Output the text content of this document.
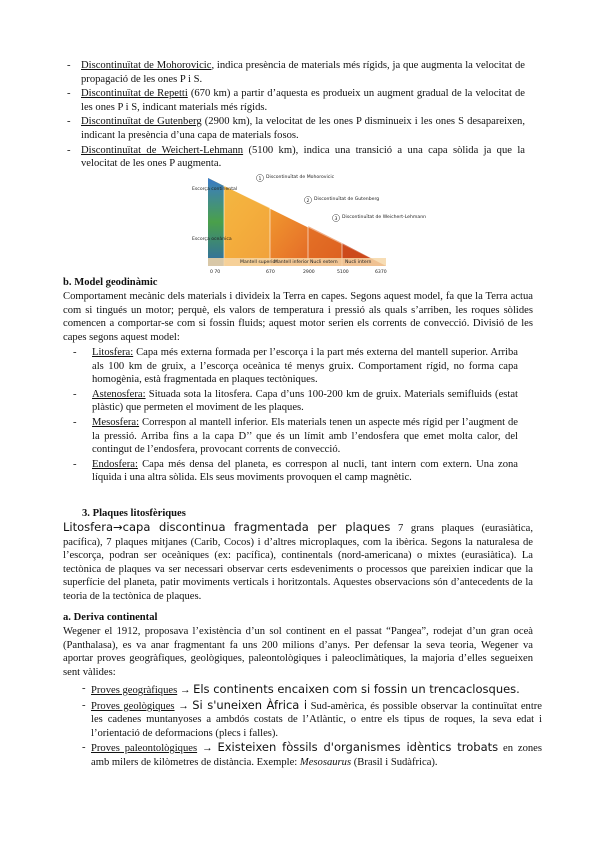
- Discontinuïtat de Mohorovicic, indica presència de materials més rígids, ja que augmenta la velocitat de propagació de les ones P i S.
- Discontinuïtat de Repetti (670 km) a partir d’aquesta es produeix un augment gradual de la velocitat de les ones P i S, indicant materials més rígids.
- Discontinuïtat de Gutenberg (2900 km), la velocitat de les ones P disminueix i les ones S desapareixen, indicant la presència d’una capa de materials fosos.
- Discontinuïtat de Weichert-Lehmann (5100 km), indica una transició a una capa sòlida ja que la velocitat de les ones P augmenta.
Escorça continental
Escorça oceànica
1 Discontinuïtat de Mohorovicic
2 Discontinuïtat de Gutenberg
3 Discontinuïtat de Weichert-Lehmann
Mantell superior
Mantell inferior Nucli extern Nucli intern
0 70	670	2900	5100	6370
b. Model geodinàmic
Comportament mecànic dels materials i divideix la Terra en capes. Segons aquest model, fa que la Terra actua com si tingués un motor; perquè, els valors de temperatura i pressió als quals s’arriben, les roques sòlides comencen a comportar-se com si fossin fluids; aquest motor serien els corrents de convecció. Divisió de les capes segons aquest model:
- Litosfera: Capa més externa formada per l’escorça i la part més externa del mantell superior. Arriba als 100 km de gruix, a l’escorça oceànica té menys gruix. Comportament rígid, no forma capa homogènia, està fragmentada en plaques tectòniques.
- Astenosfera: Situada sota la litosfera. Capa d’uns 100-200 km de gruix. Materials semifluids (estat plàstic) que permeten el moviment de les plaques.
- Mesosfera: Correspon al mantell inferior. Els materials tenen un aspecte més rígid per l’augment de la pressió. Arriba fins a la capa D’’ que és un límit amb l’endosfera que emet molta calor, del contingut de l’endosfera, provocant corrents de convecció.
- Endosfera: Capa més densa del planeta, es correspon al nucli, tant intern com extern. Una zona líquida i una altra sòlida. Els seus moviments provoquen el camp magnètic.
3. Plaques litosfèriques
Litosfera→capa discontinua fragmentada per plaques 7 grans plaques (eurasiàtica, pacífica), 7 plaques mitjanes (Carib, Cocos) i d’altres microplaques, com la ibèrica. Segons la naturalesa de l’escorça, podran ser oceàniques (ex: pacífica), continentals (nord-americana) o mixtes (eurasiàtica). La tectònica de plaques va ser necessari observar certs esdeveniments o processos que pareixien indicar que la superfície del planeta, patir moviments verticals i horitzontals. Aquestes observacions són d’antecedents de la teoria de la tectònica de plaques.
a. Deriva continental
Wegener el 1912, proposava l’existència d’un sol continent en el passat “Pangea”, rodejat d’un gran oceà (Panthalasa), es va anar fragmentant fa uns 200 milions d’anys. Per defensar la seva teoria, Wegener va aportar proves geogràfiques, geològiques, paleontològiques i paleoclimàtiques, la majoria d’elles segueixen sent vàlides:
- Proves geogràfiques → Els continents encaixen com si fossin un trencaclosques.
- Proves geològiques → Si s'uneixen Àfrica i Sud-amèrica, és possible observar la continuïtat entre les cadenes muntanyoses a ambdós costats de l’Atlàntic, o entre els tipus de roques, la seva edat i l’orientació de deformacions (plecs i falles).
- Proves paleontològiques → Existeixen fòssils d'organismes idèntics trobats en zones amb milers de kilòmetres de distància. Exemple: Mesosaurus (Brasil i Sudàfrica).
